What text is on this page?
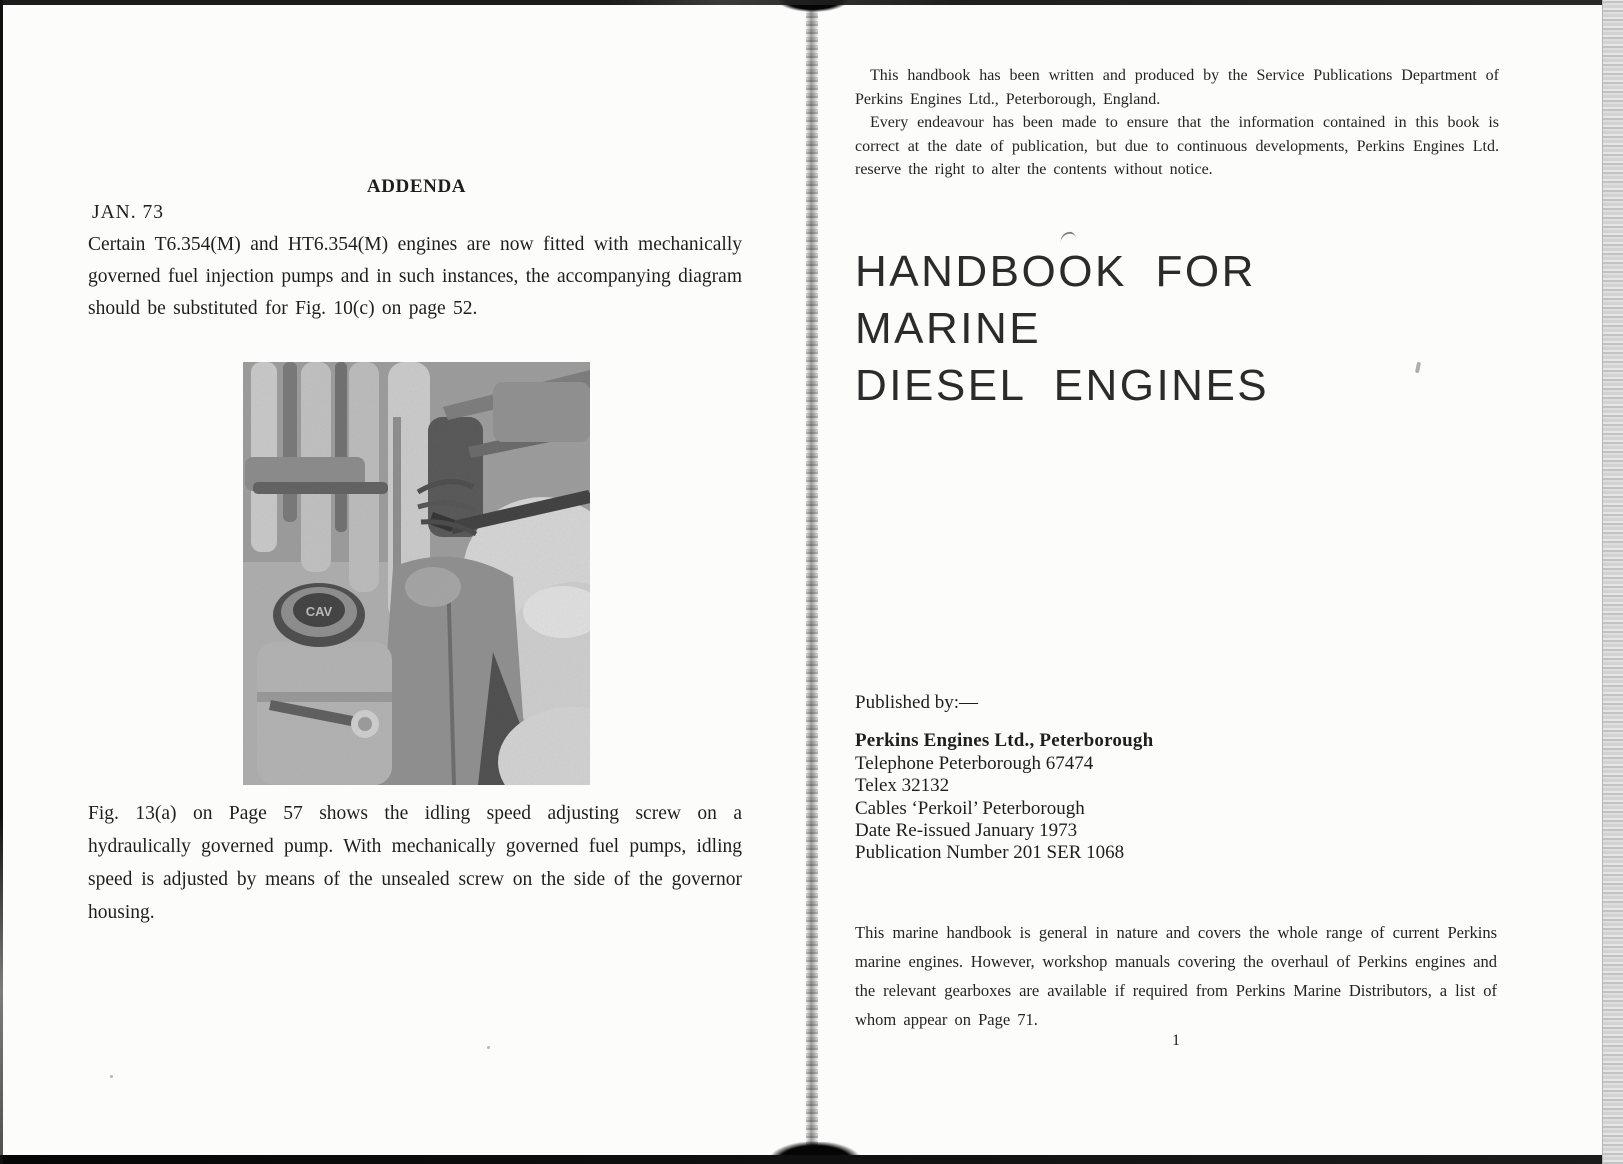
ADDENDA
JAN. 73
Certain T6.354(M) and HT6.354(M) engines are now fitted with mechanically governed fuel injection pumps and in such instances, the accompanying diagram should be substituted for Fig. 10(c) on page 52.
CAV
Fig. 13(a) on Page 57 shows the idling speed adjusting screw on a hydraulically governed pump. With mechanically governed fuel pumps, idling speed is adjusted by means of the unsealed screw on the side of the governor housing.

This handbook has been written and produced by the Service Publications Department of Perkins Engines Ltd., Peterborough, England.

Every endeavour has been made to ensure that the information contained in this book is correct at the date of publication, but due to continuous developments, Perkins Engines Ltd. reserve the right to alter the contents without notice.

HANDBOOK FOR
MARINE
DIESEL ENGINES
Published by:—
Perkins Engines Ltd., Peterborough
Telephone Peterborough 67474
Telex 32132
Cables ‘Perkoil’ Peterborough
Date Re-issued January 1973
Publication Number 201 SER 1068
This marine handbook is general in nature and covers the whole range of current Perkins marine engines. However, workshop manuals covering the overhaul of Perkins engines and the relevant gearboxes are available if required from Perkins Marine Distributors, a list of whom appear on Page 71.
1
